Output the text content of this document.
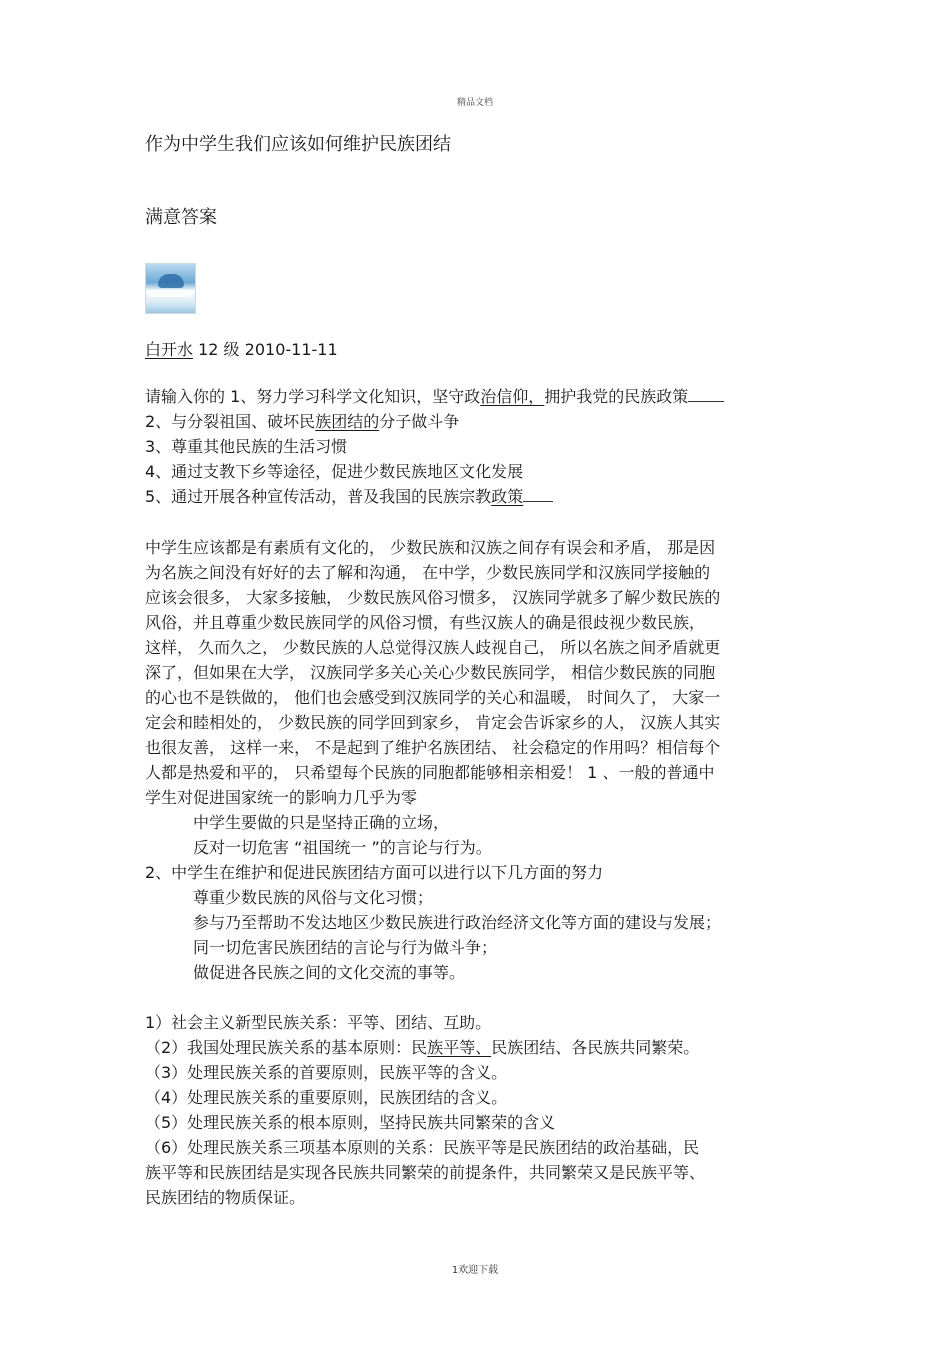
精品文档
作为中学生我们应该如何维护民族团结
满意答案
白开水 12 级 2010-11-11
请输入你的 1、努力学习科学文化知识，坚守政治信仰，拥护我党的民族政策
2、与分裂祖国、破坏民族团结的分子做斗争
3、尊重其他民族的生活习惯
4、通过支教下乡等途径，促进少数民族地区文化发展
5、通过开展各种宣传活动，普及我国的民族宗教政策
中学生应该都是有素质有文化的， 少数民族和汉族之间存有误会和矛盾， 那是因
为名族之间没有好好的去了解和沟通， 在中学，少数民族同学和汉族同学接触的
应该会很多， 大家多接触， 少数民族风俗习惯多， 汉族同学就多了解少数民族的
风俗，并且尊重少数民族同学的风俗习惯，有些汉族人的确是很歧视少数民族，
这样， 久而久之， 少数民族的人总觉得汉族人歧视自己， 所以名族之间矛盾就更
深了，但如果在大学， 汉族同学多关心关心少数民族同学， 相信少数民族的同胞
的心也不是铁做的， 他们也会感受到汉族同学的关心和温暖， 时间久了， 大家一
定会和睦相处的， 少数民族的同学回到家乡， 肯定会告诉家乡的人， 汉族人其实
也很友善， 这样一来， 不是起到了维护名族团结、 社会稳定的作用吗？相信每个
人都是热爱和平的， 只希望每个民族的同胞都能够相亲相爱！ 1 、一般的普通中
学生对促进国家统一的影响力几乎为零
中学生要做的只是坚持正确的立场，
反对一切危害 “祖国统一 ”的言论与行为。
2、中学生在维护和促进民族团结方面可以进行以下几方面的努力
尊重少数民族的风俗与文化习惯；
参与乃至帮助不发达地区少数民族进行政治经济文化等方面的建设与发展；
同一切危害民族团结的言论与行为做斗争；
做促进各民族之间的文化交流的事等。
1）社会主义新型民族关系：平等、团结、互助。
（2）我国处理民族关系的基本原则：民族平等、民族团结、各民族共同繁荣。
（3）处理民族关系的首要原则，民族平等的含义。
（4）处理民族关系的重要原则，民族团结的含义。
（5）处理民族关系的根本原则，坚持民族共同繁荣的含义
（6）处理民族关系三项基本原则的关系：民族平等是民族团结的政治基础，民
族平等和民族团结是实现各民族共同繁荣的前提条件，共同繁荣又是民族平等、
民族团结的物质保证。
1欢迎下载
